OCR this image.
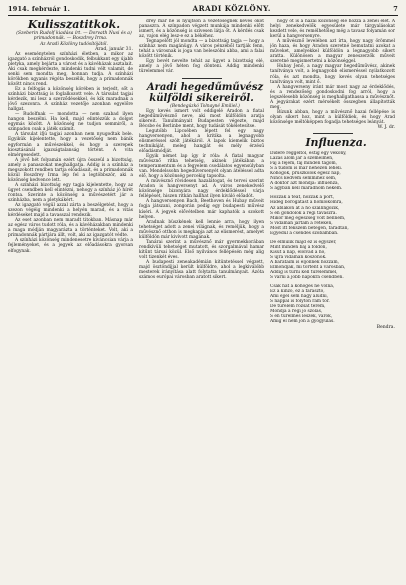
1914. február 1.	ARADI KÖZLÖNY.	7

Kulisszatitkok.

(Szeberin Rudolf kiadása írt. — Dorvath Nusi és a) primadonnák. — Boszdrey Irma.

Az Aradi Közlöny tudósítójától.

Arad, január 31.

Az eseménytelen színházi életben, a mikor az igazgató a színházról gondoskodik, felbukkant egy újabb pletyka, amely bejárta a várost és a kávéházak asztalait. Aki csak megkérdezte, mindenki tudni vélt valamit, de senki sem mondta meg, honnan tudja. A színházi körökben ugyanis régóta beszélik, hogy a primadonnák között nincs rend.

Ez a felfogás a közönség körében is terjedt, sőt a színházi bizottság is foglalkozott vele. A társulat tagjai kérdezik, mi lesz a szerződésekkel, és kik maradnak a jövő szezonra. A színház vezetője azonban egyelőre hallgat.

— Rudolfnak — mondotta — nem szabad ilyen hangon beszélni. Ha kell, majd elintézzük a dolgot egymás között. A közönség ne tudjon semmiről, a színpadon csak a játék számít.

A társulat ifjú tagjai azonban nem nyugodtak bele. Egyikük kijelentette, hogy a vezetőség nem bánik egyformán a művészekkel, és hogy a szerepek kiosztásánál igazságtalanság történt. A vita elmérgesedett.

A jövő hét folyamán ezért újra összeül a bizottság, amely a panaszokat meghallgatja. Addig is a színház a megszokott rendben tartja előadásait, és a primadonnák közül Boszdrey Irma lép fel a legtöbbször, aki a közönség kedvence lett.

A színházi bizottság egy tagja kijelentette, hogy az ügyet csendben kell elintézni, nehogy a színház jó hírét rontsa. Szerinte a közönség a művészetért jár a színházba, nem a pletykákért.

Az igazgató végül azzal zárta a beszélgetést, hogy a szezon végéig mindenki a helyén marad, és a vitás kérdéseket majd a tavasszal rendezik.

Az eset azonban nem maradt titokban. Másnap már az egész város tudott róla, és a kávéházakban mindenki a maga módján magyarázta a történteket. Volt, aki a primadonnák pártjára állt, volt, aki az igazgatót védte.

A színházi közönség mindenesetre kíváncsian várja a fejleményeket, és a jegyek az előadásokra gyorsan elfogynak.

drey már ne is nyújtson a vezetőségnek kevés okot panaszra. A színpadon végzett munkája mindenki előtt ismert, és a közönség is szívesen látja őt. A kérdés csak az, vajon elég lesz-e ez a békéhez.

Tegnapelőtt jól mondta — a bizottság tagja — hogy a színház nem magánügy. A város pénzéből tartják fenn, tehát a városnak is joga van beleszólni abba, ami a falai között történik.

Egy bevét nevelte tehát az ügyet a bizottság elé, amely a jövő héten fog dönteni. Addig mindenki türelemmel vár.

Aradi hegedűművész külföldi sikereiről.

(Bendegúzkó Tolnayné Emiliel.)

Egy kevés ismert volt eddigelé Aradon a fiatal hegedűművésznő neve, aki most külföldön aratja sikereit. Tanulmányait Budapesten végezte, majd Bécsbe és Berlinbe ment, hogy tudását tökéletesítse.

Legutóbb Lipcsében lépett fel egy nagy hangversenyen, ahol a kritika a legnagyobb elismeréssel szólt játékáról. A lapok kiemelik biztos technikáját, meleg hangját és mély érzésű előadásmódját.

Egyik német lap így ír róla: A fiatal magyar művésznő ritka tehetség, akinek játékában a temperamentum és a fegyelem csodálatos egyensúlyban van. Mendelssohn hegedűversenyét olyan átéléssel adta elő, hogy a közönség percekig tapsolta.

A művésznő rövidesen hazalátogat, és tervei szerint Aradon is hangversenyt ad. A város zenekedvelő közönsége bizonyára nagy érdeklődéssel várja fellépését, hiszen ritkán hallhat ilyen kiváló előadót.

A hangversenyen Bach, Beethoven és Hubay műveit fogja játszani, zongorán pedig egy budapesti művész kíséri. A jegyek elővételben már kaphatók a szokott helyen.

Aradnak büszkének kell lennie arra, hogy ilyen tehetséget adott a zenei világnak, és reméljük, hogy a művésznő otthon is megkapja azt az elismerést, amelyet külföldön már kivívott magának.

Tanárai szerint a művésznő már gyermekkorában rendkívüli tehetséget mutatott, és szorgalmával hamar kitűnt társai közül. Első nyilvános fellépésén még alig volt tizenkét éves.

A budapesti zeneakadémián kitüntetéssel végzett, majd ösztöndíjjal került külföldre, ahol a legkiválóbb mesterek irányítása alatt folytatta tanulmányait. Azóta számos európai városban aratott sikert.

hogy őt is a hazai közönség elé hozza a zenei élet. A helyi zenekedvelők egyesülete már tárgyalásokat kezdett vele, és remélhetőleg még a tavasz folyamán sor kerül a hangversenyre.

A művésznő levelében azt írta, hogy nagy örömmel jön haza, és hogy Aradon szeretné bemutatni azokat a műveket, amelyekkel külföldön a legnagyobb sikert aratta. Különösen a magyar zeneszerzők műveit szeretné megismertetni a közönséggel.

Hubay Jenő, a nagy magyar hegedűművész, akinek tanítványa volt, a legnagyobb elismeréssel nyilatkozott róla, és azt mondta, hogy kevés olyan tehetséges tanítványa volt, mint ő.

A hangverseny iránt már most nagy az érdeklődés, és a rendezőség gondoskodni fog arról, hogy a legszélesebb közönség is meghallgathassa a művésznőt. A jegyárakat ezért mérsékelt összegben állapították meg.

Bízunk abban, hogy a művésznő hazai fellépése is olyan sikert hoz, mint a külföldiek, és hogy Arad közönsége méltóképpen fogadja tehetséges leányát.

W. J. dr.

Influenza.

Didere reggeltől, estig egy vékony,
Lázas álom jár a szemeimen,
Fáj a fejem, fáj minden tagom,
S a tüdőm is már nehezen leheli.
Köhögök, prüszkölök egész nap,
Nincs kedvem semmihez sem,
A doktor azt mondja: influenza,
S ágyban kell maradnom nekem.
Hozzák a teát, hozzák a port,
Hideg borogatást a homlokomra,
Az ablakon át a hó szállingózik,
S én gondolok a régi tavaszra.
Mikor még egészség volt bennem,
S vidáman jártam a réteken,
Most itt fekszem betegen, fáradtan,
Egyedül a csendes szobámban.
De elmúlik majd ez is egyszer,
Mint minden baj a földön,
Kisüt a nap, elolvad a hó,
S újra vidáman köszönök.
A barátaim is eljönnek hozzám,
Elmondják, mi történt a városban,
Addig is tűrni kell türelemmel,
S várni a jobb napokra csendben.
Csak hát a köhögés ne volna,
Ez a kínzó, ez a fárasztó,
Ami éjjel sem hagy aludni,
S nappal is folyton rám tör.
De türelem rózsát terem,
Mondja a régi jó szólás,
S én türelmes leszek, várok,
Amíg el nem jön a gyógyulás.

Bendra.
